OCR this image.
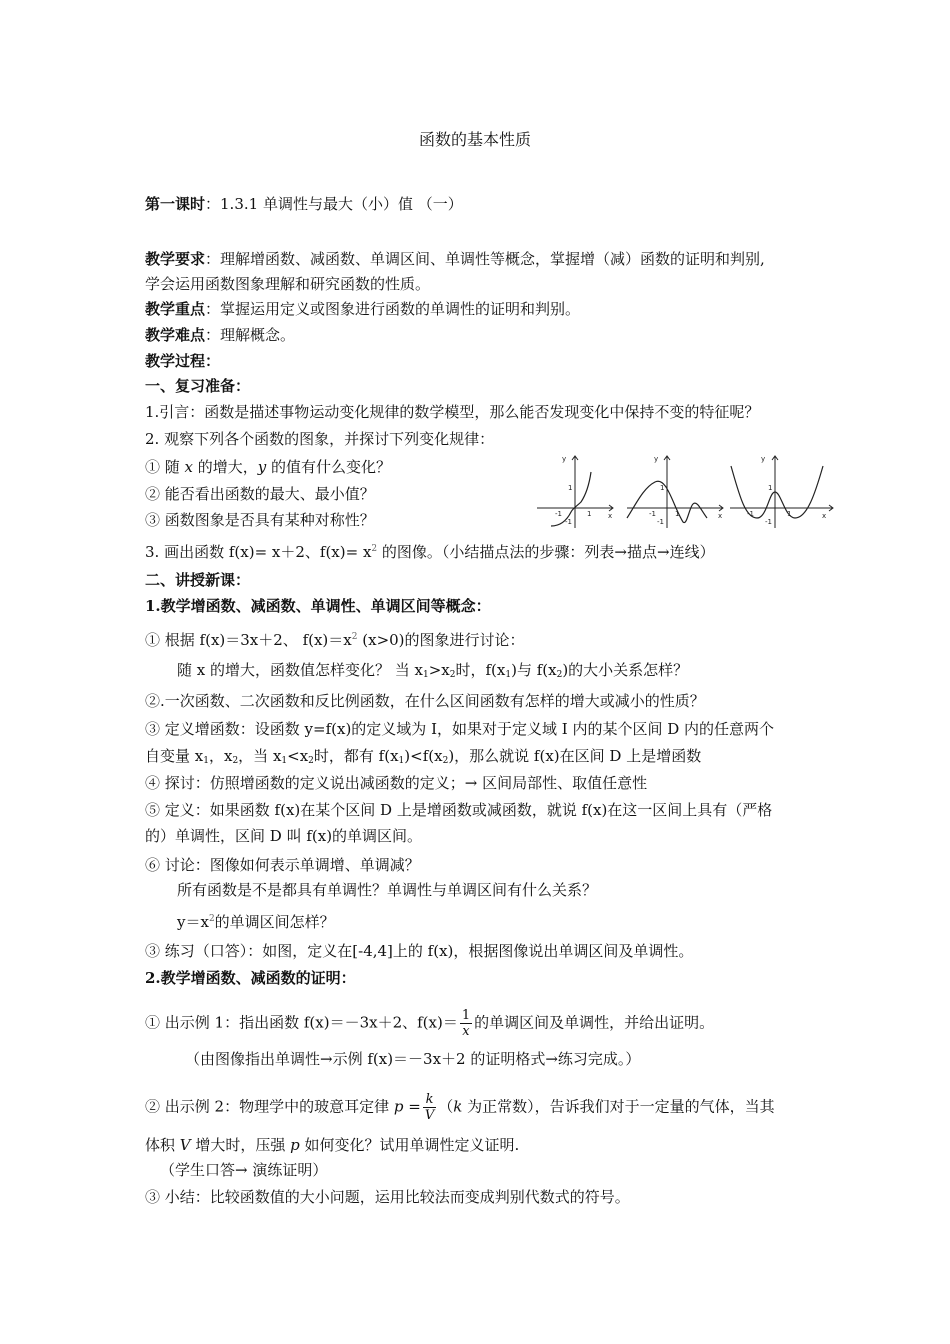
函数的基本性质
第一课时：1.3.1 单调性与最大（小）值 （一）
教学要求：理解增函数、减函数、单调区间、单调性等概念，掌握增（减）函数的证明和判别,
学会运用函数图象理解和研究函数的性质。
教学重点：掌握运用定义或图象进行函数的单调性的证明和判别。
教学难点：理解概念。
教学过程：
一、复习准备：
1.引言：函数是描述事物运动变化规律的数学模型，那么能否发现变化中保持不变的特征呢？
2. 观察下列各个函数的图象，并探讨下列变化规律：
① 随 x 的增大，y 的值有什么变化？
② 能否看出函数的最大、最小值？
③ 函数图象是否具有某种对称性？
y
x
1
1
-1
-1
y
x
1
1
-1
-1
y
x
1
1
-1
-1
3. 画出函数 f(x)= x＋2、$f(x)= x^2$ 的图像。（小结描点法的步骤：列表→描点→连线）
二、讲授新课：
1.教学增函数、减函数、单调性、单调区间等概念：
① 根据 f(x)＝3x＋2、 $f(x)=x^2$ (x>0)的图象进行讨论：
随 x 的增大，函数值怎样变化？ 当 $x_1>x_2$时，$f(x_1)$与 $f(x_2)$的大小关系怎样？
②.一次函数、二次函数和反比例函数，在什么区间函数有怎样的增大或减小的性质？
③ 定义增函数：设函数 y=f(x)的定义域为 I，如果对于定义域 I 内的某个区间 D 内的任意两个
自变量 $x_1$，$x_2$，当 $x_1<x_2$时，都有 $f(x_1)<f(x_2)$，那么就说 f(x)在区间 D 上是增函数
④ 探讨：仿照增函数的定义说出减函数的定义；→ 区间局部性、取值任意性
⑤ 定义：如果函数 f(x)在某个区间 D 上是增函数或减函数，就说 f(x)在这一区间上具有（严格
的）单调性，区间 D 叫 f(x)的单调区间。
⑥ 讨论：图像如何表示单调增、单调减？
所有函数是不是都具有单调性？单调性与单调区间有什么关系？
$y=x^2$的单调区间怎样？
③ 练习（口答）：如图，定义在[-4,4]上的 f(x)，根据图像说出单调区间及单调性。
2.教学增函数、减函数的证明：
① 出示例 1：指出函数 f(x)＝－3x＋2、$f(x)= \frac{1}{x}$ 的单调区间及单调性，并给出证明。
（由图像指出单调性→示例 f(x)＝－3x＋2 的证明格式→练习完成。）
② 出示例 2：物理学中的玻意耳定律 $p = \frac{k}{V} (k$ 为正常数），告诉我们对于一定量的气体，当其
体积 V 增大时，压强 p 如何变化？试用单调性定义证明.
（学生口答→ 演练证明）
③ 小结：比较函数值的大小问题，运用比较法而变成判别代数式的符号。
